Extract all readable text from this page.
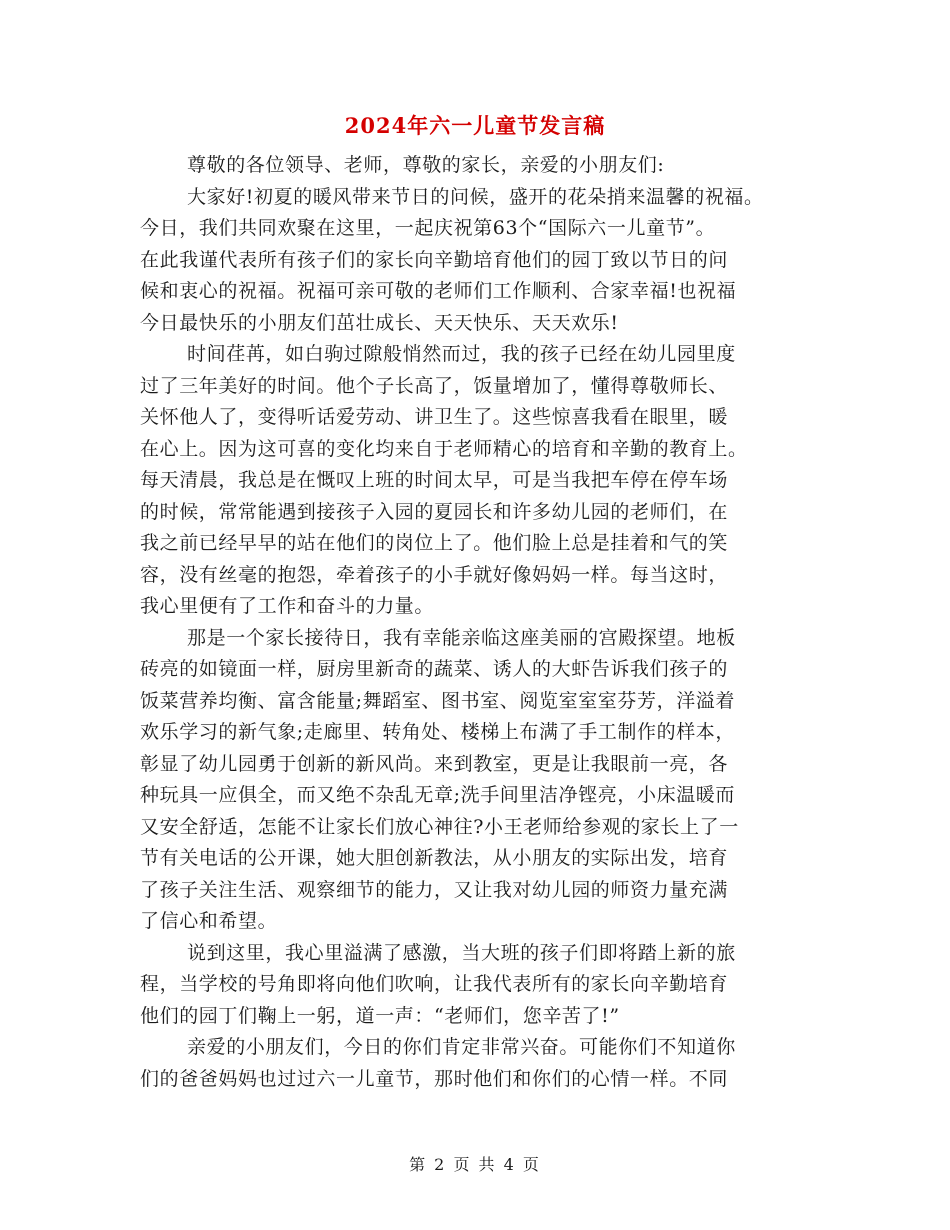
2024年六一儿童节发言稿
尊敬的各位领导、老师，尊敬的家长，亲爱的小朋友们:
大家好!初夏的暖风带来节日的问候，盛开的花朵捎来温馨的祝福。
今日，我们共同欢聚在这里，一起庆祝第63个“国际六一儿童节”。
在此我谨代表所有孩子们的家长向辛勤培育他们的园丁致以节日的问
候和衷心的祝福。祝福可亲可敬的老师们工作顺利、合家幸福!也祝福
今日最快乐的小朋友们茁壮成长、天天快乐、天天欢乐!
时间荏苒，如白驹过隙般悄然而过，我的孩子已经在幼儿园里度
过了三年美好的时间。他个子长高了，饭量增加了，懂得尊敬师长、
关怀他人了，变得听话爱劳动、讲卫生了。这些惊喜我看在眼里，暖
在心上。因为这可喜的变化均来自于老师精心的培育和辛勤的教育上。
每天清晨，我总是在慨叹上班的时间太早，可是当我把车停在停车场
的时候，常常能遇到接孩子入园的夏园长和许多幼儿园的老师们，在
我之前已经早早的站在他们的岗位上了。他们脸上总是挂着和气的笑
容，没有丝毫的抱怨，牵着孩子的小手就好像妈妈一样。每当这时，
我心里便有了工作和奋斗的力量。
那是一个家长接待日，我有幸能亲临这座美丽的宫殿探望。地板
砖亮的如镜面一样，厨房里新奇的蔬菜、诱人的大虾告诉我们孩子的
饭菜营养均衡、富含能量;舞蹈室、图书室、阅览室室室芬芳，洋溢着
欢乐学习的新气象;走廊里、转角处、楼梯上布满了手工制作的样本，
彰显了幼儿园勇于创新的新风尚。来到教室，更是让我眼前一亮，各
种玩具一应俱全，而又绝不杂乱无章;洗手间里洁净铿亮，小床温暖而
又安全舒适，怎能不让家长们放心神往?小王老师给参观的家长上了一
节有关电话的公开课，她大胆创新教法，从小朋友的实际出发，培育
了孩子关注生活、观察细节的能力，又让我对幼儿园的师资力量充满
了信心和希望。
说到这里，我心里溢满了感激，当大班的孩子们即将踏上新的旅
程，当学校的号角即将向他们吹响，让我代表所有的家长向辛勤培育
他们的园丁们鞠上一躬，道一声：“老师们，您辛苦了!”
亲爱的小朋友们，今日的你们肯定非常兴奋。可能你们不知道你
们的爸爸妈妈也过过六一儿童节，那时他们和你们的心情一样。不同
第 2 页 共 4 页
